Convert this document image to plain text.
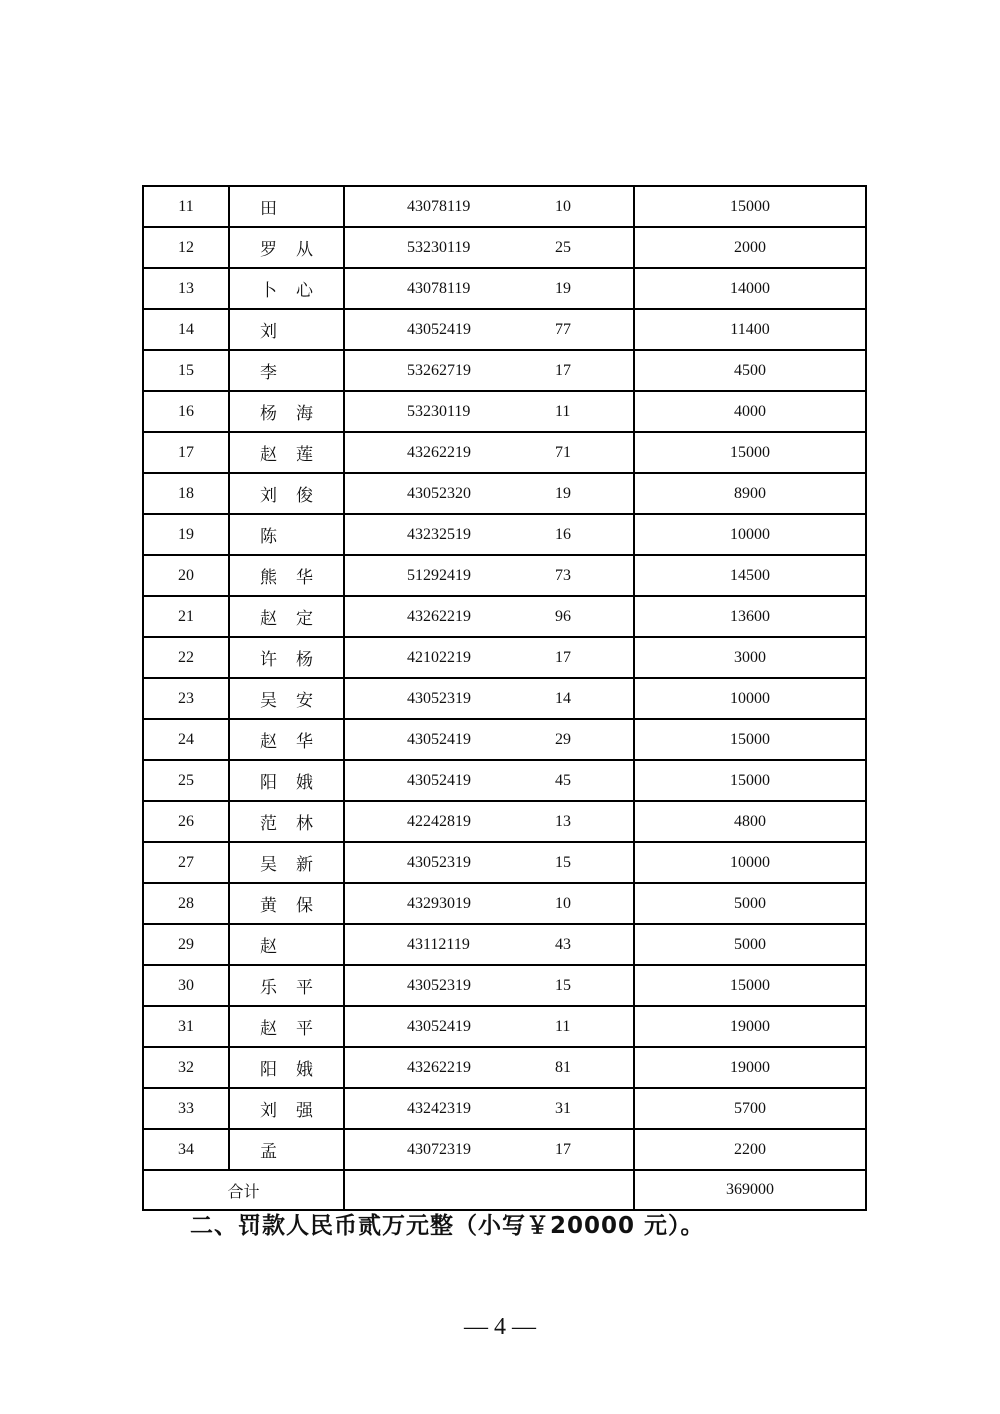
11	田	43078119 10	15000
12	罗 从	53230119 25	2000
13	卜 心	43078119 19	14000
14	刘	43052419 77	11400
15	李	53262719 17	4500
16	杨 海	53230119 11	4000
17	赵 莲	43262219 71	15000
18	刘 俊	43052320 19	8900
19	陈	43232519 16	10000
20	熊 华	51292419 73	14500
21	赵 定	43262219 96	13600
22	许 杨	42102219 17	3000
23	吴 安	43052319 14	10000
24	赵 华	43052419 29	15000
25	阳 娥	43052419 45	15000
26	范 林	42242819 13	4800
27	吴 新	43052319 15	10000
28	黄 保	43293019 10	5000
29	赵	43112119 43	5000
30	乐 平	43052319 15	15000
31	赵 平	43052419 11	19000
32	阳 娥	43262219 81	19000
33	刘 强	43242319 31	5700
34	孟	43072319 17	2200
合计			369000
二、罚款人民币贰万元整（小写￥20000 元）。
— 4 —
